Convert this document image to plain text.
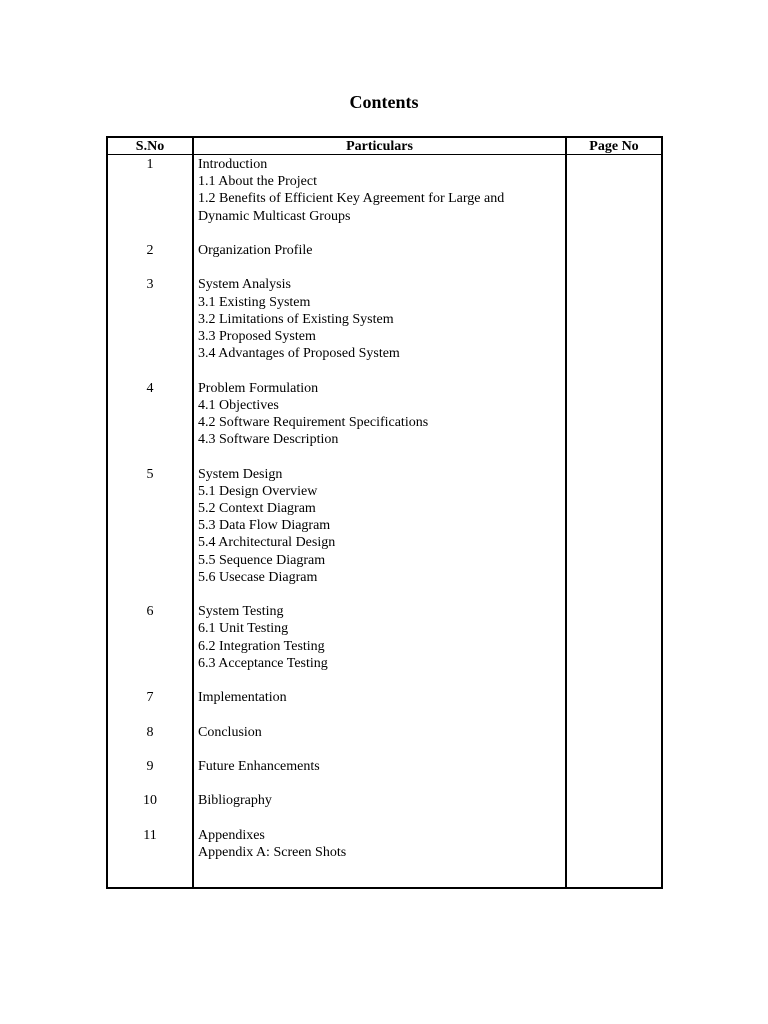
Contents
S.No	Particulars	Page No
1	Introduction
1.1 About the Project
1.2 Benefits of Efficient Key Agreement for Large and Dynamic Multicast Groups
2	Organization Profile
3	System Analysis
3.1 Existing System
3.2 Limitations of Existing System
3.3 Proposed System
3.4 Advantages of Proposed System
4	Problem Formulation
4.1 Objectives
4.2 Software Requirement Specifications
4.3 Software Description
5	System Design
5.1 Design Overview
5.2 Context Diagram
5.3 Data Flow Diagram
5.4 Architectural Design
5.5 Sequence Diagram
5.6 Usecase Diagram
6	System Testing
6.1 Unit Testing
6.2 Integration Testing
6.3 Acceptance Testing
7	Implementation
8	Conclusion
9	Future Enhancements
10	Bibliography
11	Appendixes
Appendix A: Screen Shots
